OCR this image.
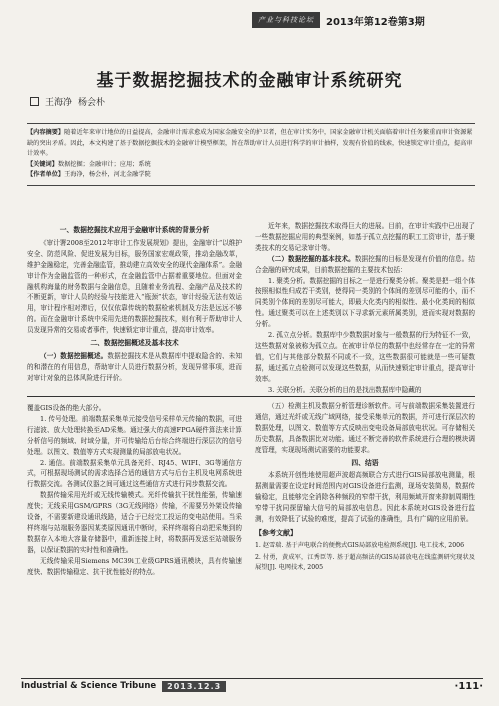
产业与科技论坛	2013年第12卷第3期
基于数据挖掘技术的金融审计系统研究
王海净 杨会朴

【内容摘要】随着近年来审计地位的日益提高，金融审计需求愈成为国家金融安全的护卫者，但在审计实务中，国家金融审计机关面临着审计任务繁重而审计资源紧缺的突出矛盾。因此，本文构建了基于数据挖掘技术的金融审计模型框架，旨在帮助审计人员进行科学的审计抽样，发现有价值的线索，快速锁定审计重点，提高审计效率。

【关键词】数据挖掘；金融审计；应用；系统

【作者单位】王海净，杨会朴，河北金融学院

一、数据挖掘技术应用于金融审计系统的背景分析

《审计署2008至2012年审计工作发展规划》提出，金融审计“以维护安全、防范风险、促进发展为目标，服务国家宏观政策，推动金融改革，维护金融稳定，完善金融监管，推动建立高效安全的现代金融体系”。金融审计作为金融监管的一种形式，在金融监管中占据着重要地位。但面对金融机构海量的财务数据与金融信息，且随着业务流程、金融产品及技术的不断更新，审计人员的经验与技能进入“瓶颈”状态，审计经验无法有效运用，审计程序相对滞后，仅仅依靠传统的数据检索机制及方法是远远不够的。而在金融审计系统中采用先进的数据挖掘技术，则有利于帮助审计人员发现异常的交易或者事件，快速锁定审计重点，提高审计效率。

二、数据挖掘概述及基本技术

（一）数据挖掘概述。数据挖掘技术是从数据库中提取隐含的、未知的和潜在的有用信息，帮助审计人员进行数据分析，发现异常事项，进而对审计对象的总体风险进行评价。

近年来，数据挖掘技术取得巨大的进展。目前，在审计实践中已出现了一些数据挖掘应用的典型案例，如基于孤立点挖掘的职工工资审计，基于聚类技术的交易记录审计等。

（二）数据挖掘的基本技术。数据挖掘的目标是发现有价值的信息。结合金融的研究成果，目前数据挖掘的主要技术包括：

1. 聚类分析。数据挖掘的目标之一是进行聚类分析。聚类是把一组个体按照相似性归成若干类别，使得同一类别的个体间的差别尽可能的小，而不同类别个体间的差别尽可能大，即最大化类内的相似性、最小化类间的相似性。通过聚类可以在上述类别以下寻求新元素所属类别，进而实现对数据的分析。

2. 孤立点分析。数据库中少数数据对象与一般数据的行为特征不一致，这些数据对象被称为孤立点。在被审计单位的数据中也经常存在一定的异常值，它们与其他部分数据不同或不一致，这些数据很可能就是一些可疑数据，通过孤立点检测可以发现这些数据，从而快速锁定审计重点，提高审计效率。

3. 关联分析。关联分析的目的是找出数据库中隐藏的

覆盖GIS设备的绝大部分。

1. 传号处理。前端数据采集单元接受信号采样单元传输的数据，可进行滤波、放大处理转换至AD采集。通过强大的高速FPGA硬件算法来计算分析信号的频域、时域分量，并可传输给后台综合终端进行深层次的信号处理。以图文、数值等方式实现测量的局部放电状况。

2. 通信。前端数据采集单元具备光纤、RJ45、WIFI、3G等通信方式，可根据现场测试的需求选择合适的通信方式与后台主机及电网系统进行数据交流。各测试仪器之间可通过这些通信方式进行同步数据交流。

数据传输采用光纤或无线传输模式。光纤传输抗干扰性能强，传输速度快；无线采用GSM/GPRS（3G无线网络）传输，不需要另外架设传输设备，不需要新建设通讯线路，适合于已经完工投运的变电站使用。当采样终端与站端服务器因某类原因通讯中断时，采样终端将自动把采集到的数据存入本地大容量存储器中，重新连接上时，将数据再发送至站端服务器，以保证数据的实时性和准确性。

无线传输采用Siemens MC39i工业级GPRS通讯模块，具有传输速度快、数据传输稳定、抗干扰性能好的特点。

（五）检测主机及数据分析管理诊断软件。可与前端数据采集装置进行通信，通过光纤或无线广域网络，接受采集单元的数据，并可进行深层次的数据处理，以图文、数值等方式反映出变电设备局部放电状况。可存储相关历史数据，具备数据比对功能。通过不断完善的软件系统进行合理的模块调度管理，实现现场测试需要的功能要求。

四、结语

本系统开创性地使用超声波超高频联合方式进行GIS局部放电测量，根据测量需要在设定时间范围内对GIS设备进行监测，现场安装简易，数据传输稳定，且能够完全消除各种频段的窄带干扰，利用频域开窗来抑制周期性窄带干扰同探留输大信号的局部放电信息。因此本系统对GIS设备进行监测，有效降低了试验的难度，提高了试验的准确性，具有广阔的应用前景。

【参考文献】

1. 赵雪瑞. 基于声电联合的便携式GIS局部放电检测系统[J]. 电工技术, 2006

2. 付勇，黄成军，江秀臣等. 基于超高频法的GIS局部放电在线监测研究现状及展望[J]. 电网技术, 2005

Industrial & Science Tribune	2013.12.3	·111·
